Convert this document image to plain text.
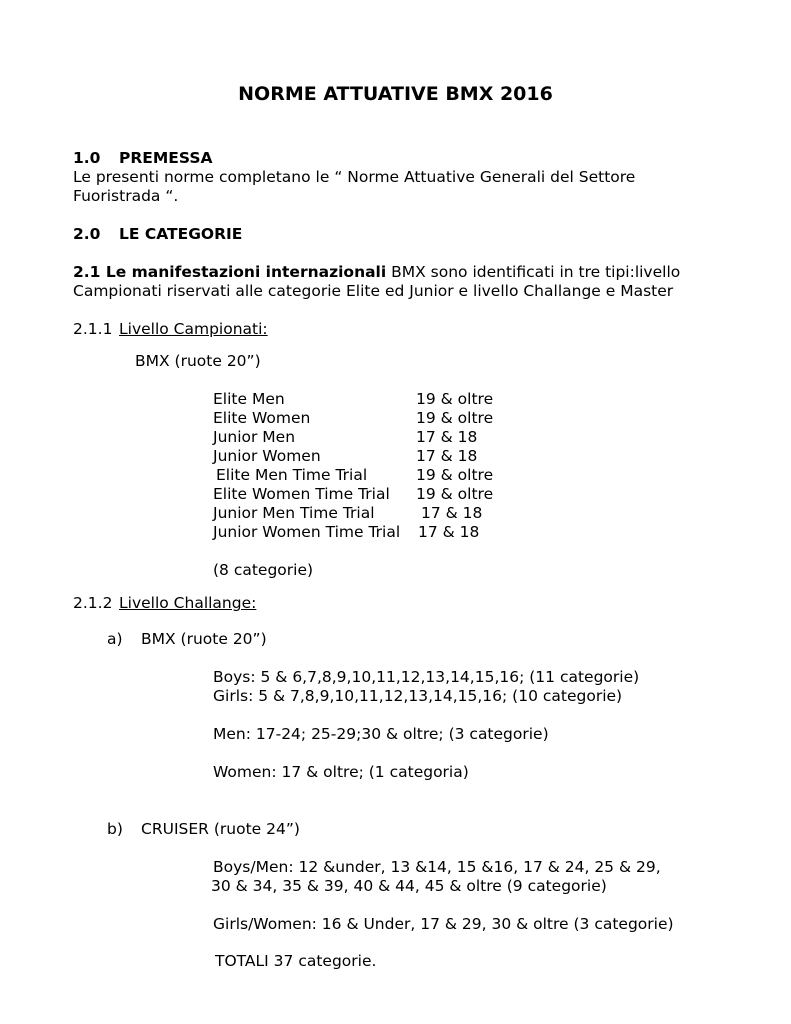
NORME ATTUATIVE BMX 2016
1.0 PREMESSA
Le presenti norme completano le “ Norme Attuative Generali del Settore
Fuoristrada “.
2.0 LE CATEGORIE
2.1 Le manifestazioni internazionali BMX sono identificati in tre tipi:livello
Campionati riservati alle categorie Elite ed Junior e livello Challange e Master
2.1.1 Livello Campionati:
BMX (ruote 20”)
Elite Men	19 & oltre
Elite Women	19 & oltre
Junior Men	17 & 18
Junior Women	17 & 18
Elite Men Time Trial	19 & oltre
Elite Women Time Trial 19 & oltre
Junior Men Time Trial	17 & 18
Junior Women Time Trial 17 & 18
(8 categorie)
2.1.2 Livello Challange:
a) BMX (ruote 20”)
Boys: 5 & 6,7,8,9,10,11,12,13,14,15,16; (11 categorie)
Girls: 5 & 7,8,9,10,11,12,13,14,15,16; (10 categorie)
Men: 17-24; 25-29;30 & oltre; (3 categorie)
Women: 17 & oltre; (1 categoria)
b) CRUISER (ruote 24”)
Boys/Men: 12 &under, 13 &14, 15 &16, 17 & 24, 25 & 29,
30 & 34, 35 & 39, 40 & 44, 45 & oltre (9 categorie)
Girls/Women: 16 & Under, 17 & 29, 30 & oltre (3 categorie)
TOTALI 37 categorie.
